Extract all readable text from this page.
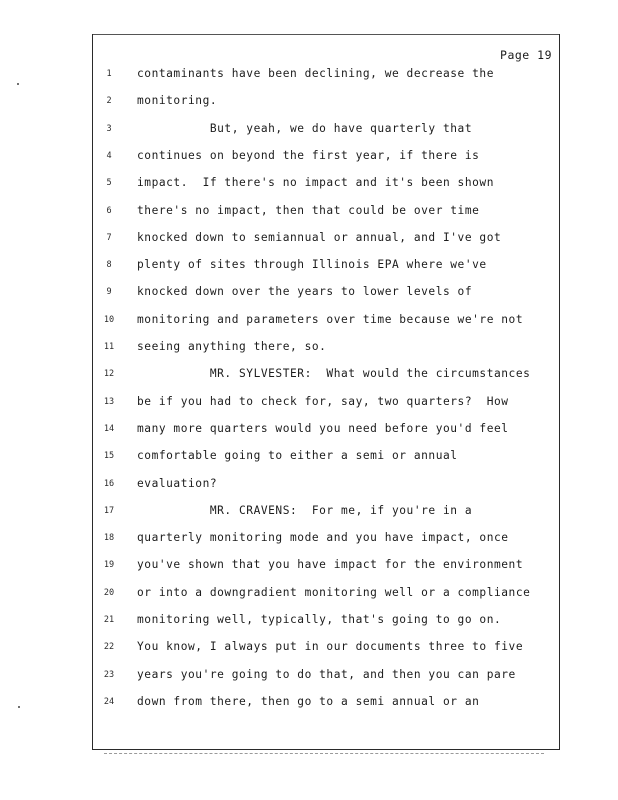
Page 19
1	contaminants have been declining, we decrease the
2	monitoring.
3	But, yeah, we do have quarterly that
4	continues on beyond the first year, if there is
5	impact.  If there's no impact and it's been shown
6	there's no impact, then that could be over time
7	knocked down to semiannual or annual, and I've got
8	plenty of sites through Illinois EPA where we've
9	knocked down over the years to lower levels of
10	monitoring and parameters over time because we're not
11	seeing anything there, so.
12	MR. SYLVESTER:  What would the circumstances
13	be if you had to check for, say, two quarters?  How
14	many more quarters would you need before you'd feel
15	comfortable going to either a semi or annual
16	evaluation?
17	MR. CRAVENS:  For me, if you're in a
18	quarterly monitoring mode and you have impact, once
19	you've shown that you have impact for the environment
20	or into a downgradient monitoring well or a compliance
21	monitoring well, typically, that's going to go on.
22	You know, I always put in our documents three to five
23	years you're going to do that, and then you can pare
24	down from there, then go to a semi annual or an
